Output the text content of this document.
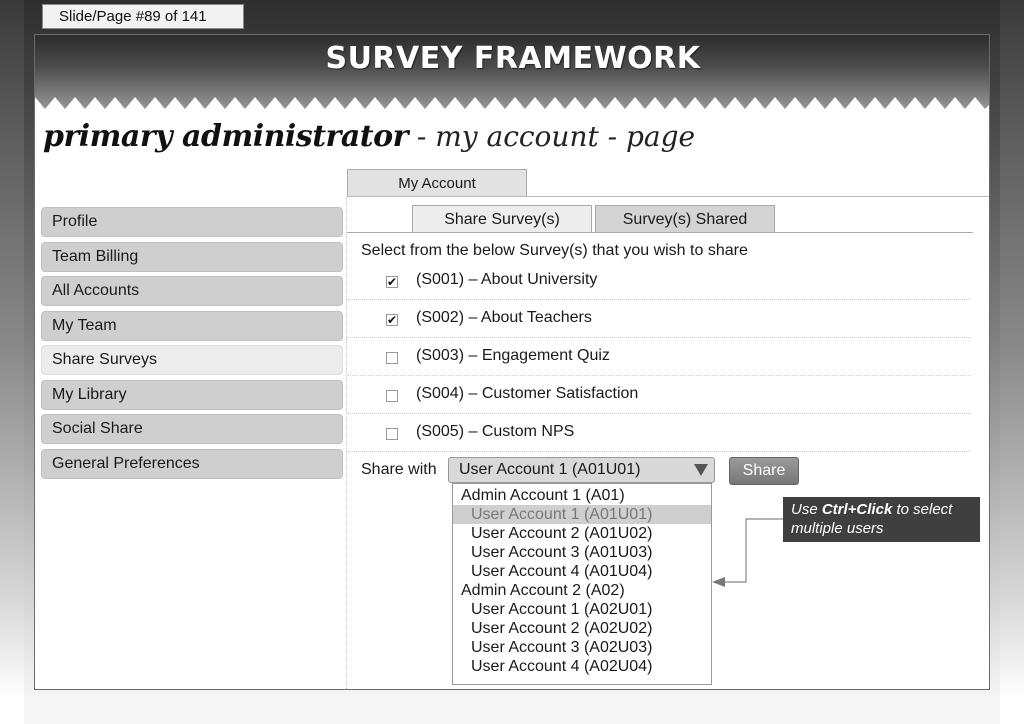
Slide/Page #89 of 141
SURVEY FRAMEWORK
primary administrator - my account - page
My Account
Profile
Team Billing
All Accounts
My Team
Share Surveys
My Library
Social Share
General Preferences
Share Survey(s)	Survey(s) Shared
Select from the below Survey(s) that you wish to share
✔ (S001) – About University
✔ (S002) – About Teachers
(S003) – Engagement Quiz
(S004) – Customer Satisfaction
(S005) – Custom NPS
Share with User Account 1 (A01U01)	Share
Admin Account 1 (A01)
User Account 1 (A01U01)
User Account 2 (A01U02)
User Account 3 (A01U03)
User Account 4 (A01U04)
Admin Account 2 (A02)
User Account 1 (A02U01)
User Account 2 (A02U02)
User Account 3 (A02U03)
User Account 4 (A02U04)
Use Ctrl+Click to select multiple users
